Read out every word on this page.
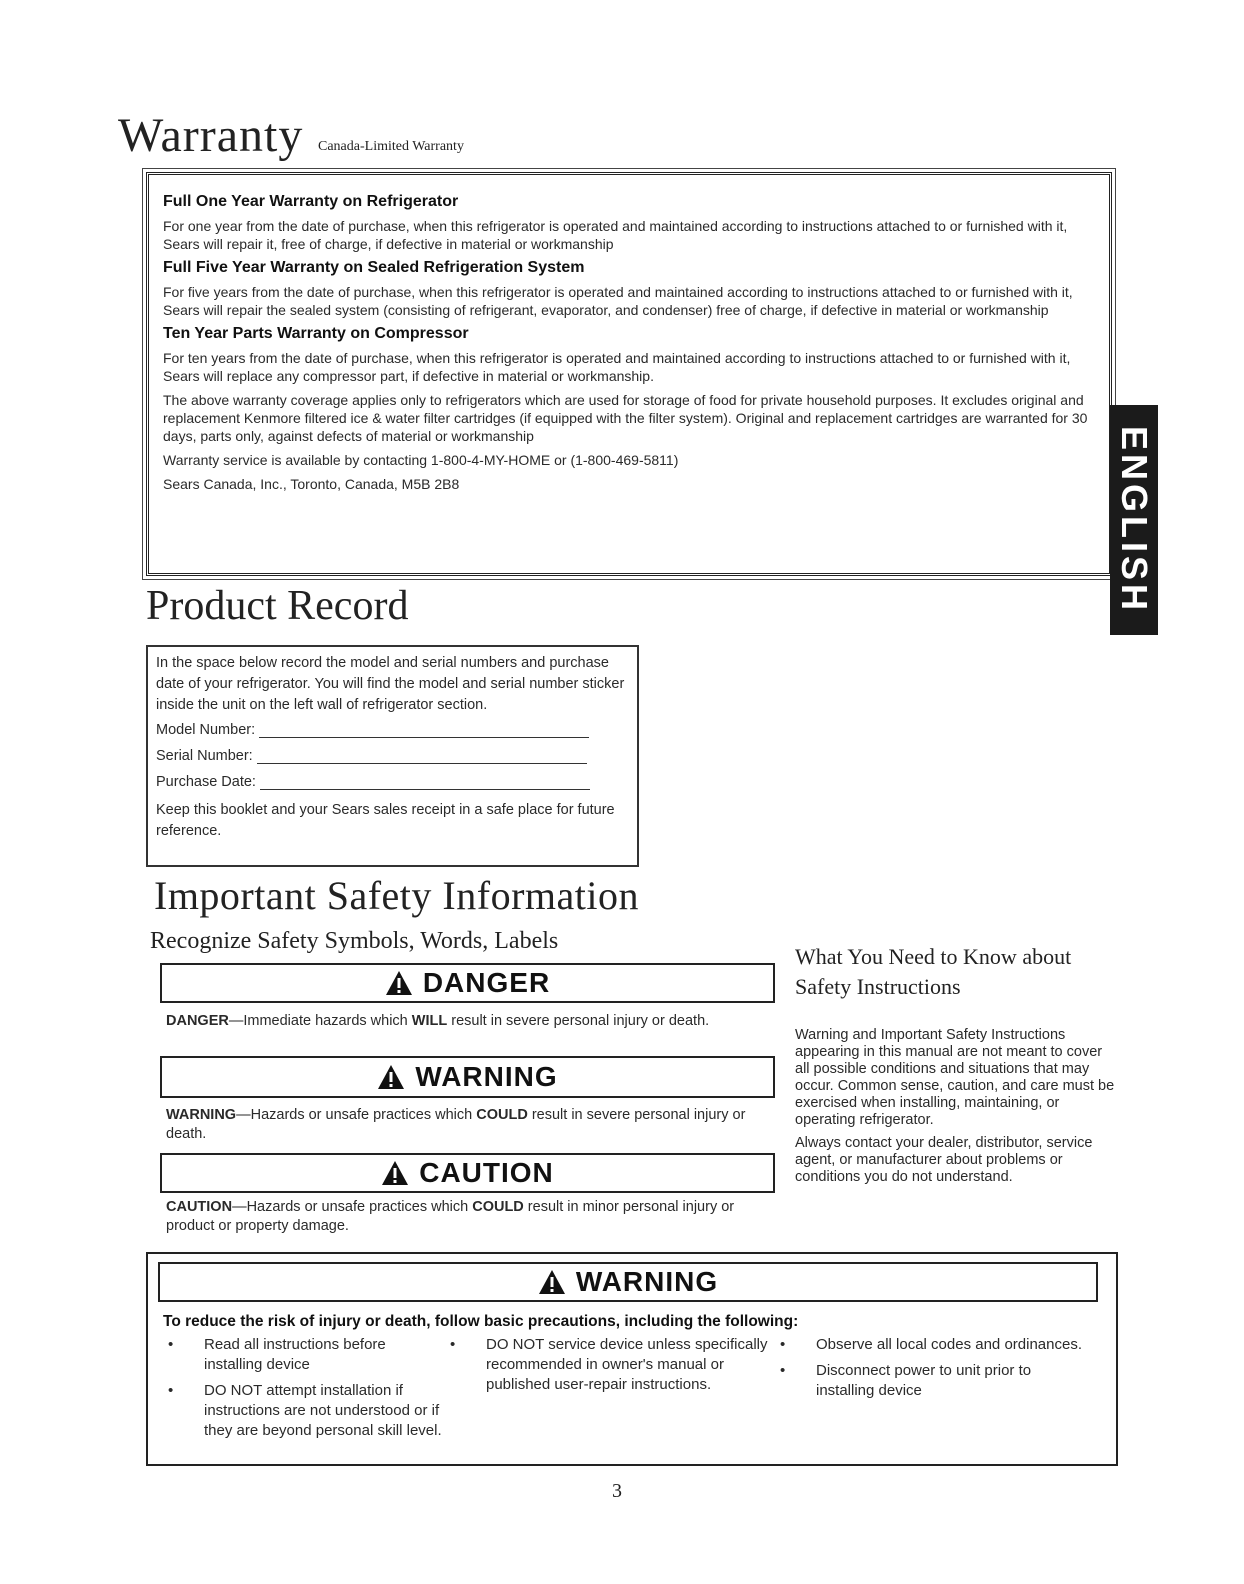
Warranty Canada-Limited Warranty
Full One Year Warranty on Refrigerator

For one year from the date of purchase, when this refrigerator is operated and maintained according to instructions attached to or furnished with it, Sears will repair it, free of charge, if defective in material or workmanship

Full Five Year Warranty on Sealed Refrigeration System

For five years from the date of purchase, when this refrigerator is operated and maintained according to instructions attached to or furnished with it, Sears will repair the sealed system (consisting of refrigerant, evaporator, and condenser) free of charge, if defective in material or workmanship

Ten Year Parts Warranty on Compressor

For ten years from the date of purchase, when this refrigerator is operated and maintained according to instructions attached to or furnished with it, Sears will replace any compressor part, if defective in material or workmanship.

The above warranty coverage applies only to refrigerators which are used for storage of food for private household purposes. It excludes original and replacement Kenmore filtered ice & water filter cartridges (if equipped with the filter system). Original and replacement cartridges are warranted for 30 days, parts only, against defects of material or workmanship

Warranty service is available by contacting 1-800-4-MY-HOME or (1-800-469-5811)

Sears Canada, Inc., Toronto, Canada, M5B 2B8	ENGLISH
Product Record

In the space below record the model and serial numbers and purchase date of your refrigerator. You will find the model and serial number sticker inside the unit on the left wall of refrigerator section.

Model Number:
Serial Number:
Purchase Date:

Keep this booklet and your Sears sales receipt in a safe place for future reference.

Important Safety Information
Recognize Safety Symbols, Words, Labels
DANGER
DANGER—Immediate hazards which WILL result in severe personal injury or death.
WARNING
WARNING—Hazards or unsafe practices which COULD result in severe personal injury or death.
CAUTION
CAUTION—Hazards or unsafe practices which COULD result in minor personal injury or product or property damage.
What You Need to Know about Safety Instructions

Warning and Important Safety Instructions appearing in this manual are not meant to cover all possible conditions and situations that may occur. Common sense, caution, and care must be exercised when installing, maintaining, or operating refrigerator.

Always contact your dealer, distributor, service agent, or manufacturer about problems or conditions you do not understand.

WARNING
To reduce the risk of injury or death, follow basic precautions, including the following:
• Read all instructions before installing device
• DO NOT attempt installation if instructions are not understood or if they are beyond personal skill level.
• DO NOT service device unless specifically recommended in owner's manual or published user-repair instructions.
• Observe all local codes and ordinances.
• Disconnect power to unit prior to installing device
3
